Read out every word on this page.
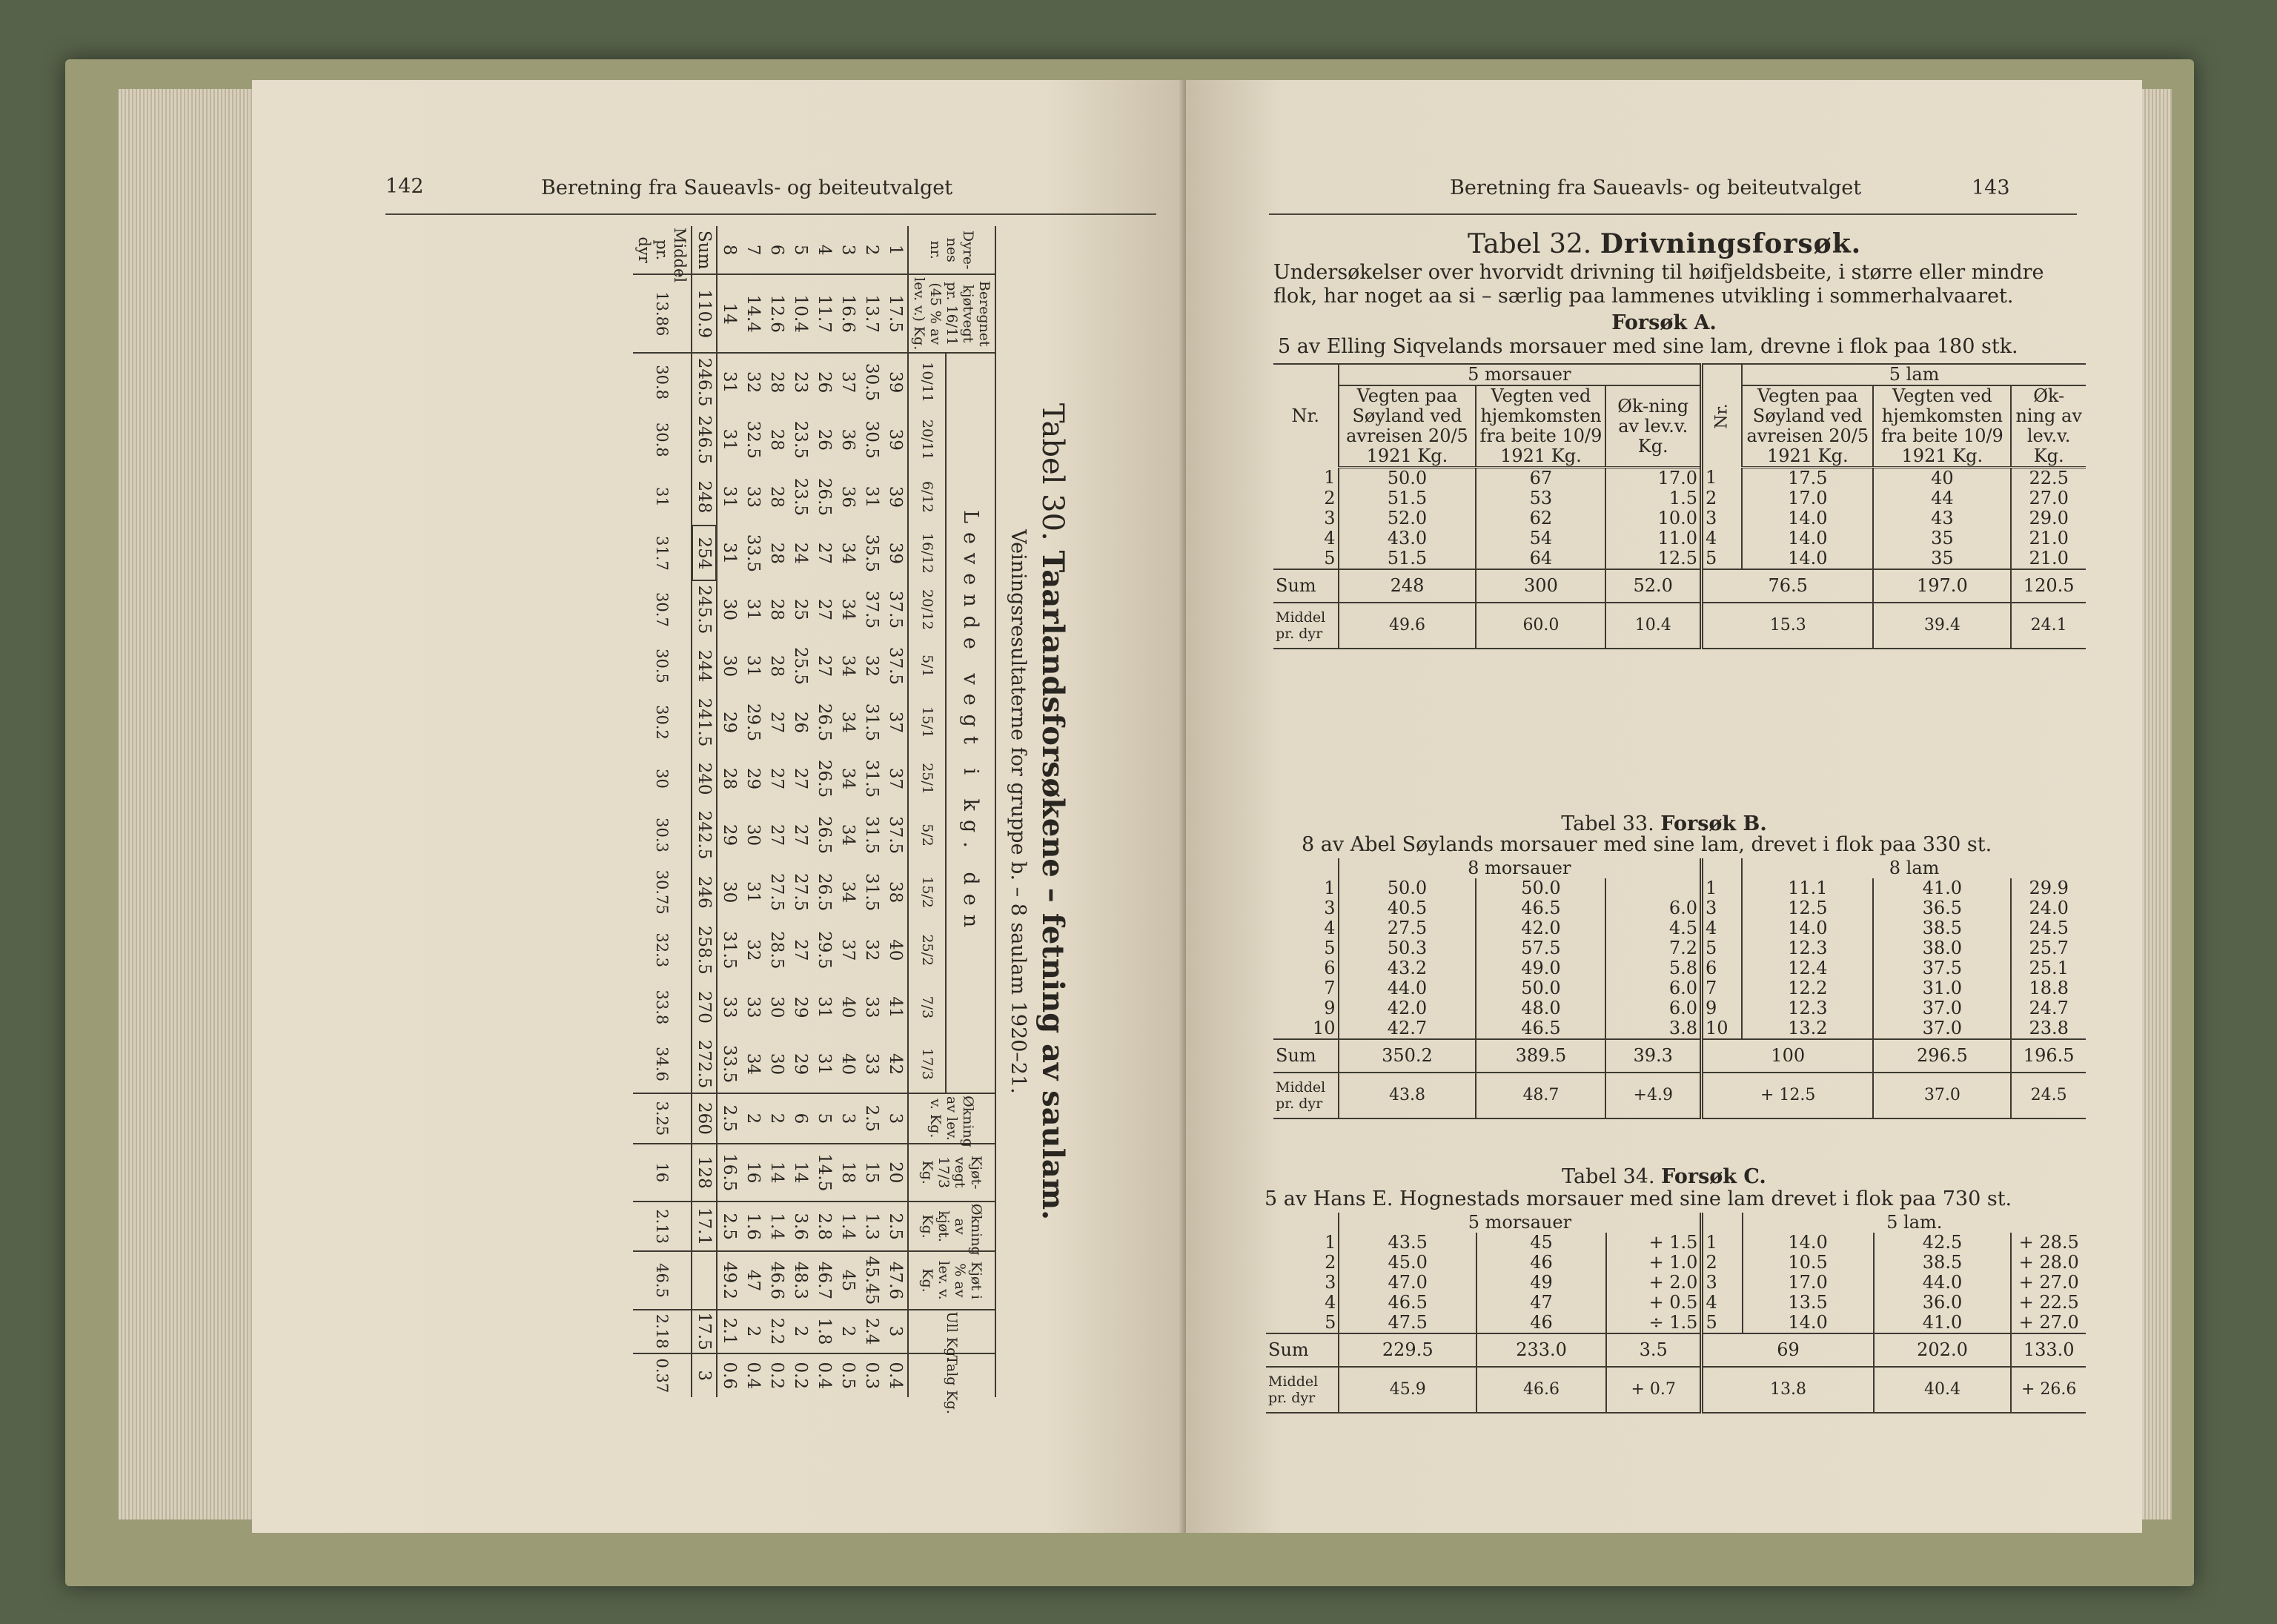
142	Beretning fra Saueavls- og beiteutvalget
Tabel 30. Taarlandsforsøkene – fetning av saulam.
Veiningsresultaterne for gruppe b. – 8 saulam 1920–21.
Dyre-nes nr.	Beregnet kjøtvegt pr. 16/11 (45 % av lev. v.) Kg.	Levende vegt i kg. den													Økning av lev. v. Kg.	Kjøt-vegt 17/3 Kg.	Økning av kjøt. Kg.	Kjøt i % av lev. v. Kg.	Ull Kg.	Talg Kg.
		10/11	20/11	6/12	16/12	20/12	5/1	15/1	25/1	5/2	15/2	25/2	7/3	17/3						
1	17.5	39	39	39	39	37.5	37.5	37	37	37.5	38	40	41	42	3	20	2.5	47.6	3	0.4
2	13.7	30.5	30.5	31	35.5	37.5	32	31.5	31.5	31.5	31.5	32	33	33	2.5	15	1.3	45.45	2.4	0.3
3	16.6	37	36	36	34	34	34	34	34	34	34	37	40	40	3	18	1.4	45	2	0.5
4	11.7	26	26	26.5	27	27	27	26.5	26.5	26.5	26.5	29.5	31	31	5	14.5	2.8	46.7	1.8	0.4
5	10.4	23	23.5	23.5	24	25	25.5	26	27	27	27.5	27	29	29	6	14	3.6	48.3	2	0.2
6	12.6	28	28	28	28	28	28	27	27	27	27.5	28.5	30	30	2	14	1.4	46.6	2.2	0.2
7	14.4	32	32.5	33	33.5	31	31	29.5	29	30	31	32	33	34	2	16	1.6	47	2	0.4
8	14	31	31	31	31	30	30	29	28	29	30	31.5	33	33.5	2.5	16.5	2.5	49.2	2.1	0.6
Sum	110.9	246.5	246.5	248	254	245.5	244	241.5	240	242.5	246	258.5	270	272.5	260	128	17.1		17.5	3
Middel pr. dyr	13.86	30.8	30.8	31	31.7	30.7	30.5	30.2	30	30.3	30.75	32.3	33.8	34.6	3.25	16	2.13	46.5	2.18	0.37
Beretning fra Saueavls- og beiteutvalget	143
Tabel 32. Drivningsforsøk.
Undersøkelser over hvorvidt drivning til høifjeldsbeite, i større eller mindre
flok, har noget aa si – særlig paa lammenes utvikling i sommerhalvaaret.
Forsøk A.
5 av Elling Siqvelands morsauer med sine lam, drevne i flok paa 180 stk.
Nr.	5 morsauer			Nr.	5 lam		
	Vegten paa Søyland ved avreisen 20/5 1921 Kg.	Vegten ved hjemkomsten fra beite 10/9 1921 Kg.	Øk-ning av lev.v. Kg.		Vegten paa Søyland ved avreisen 20/5 1921 Kg.	Vegten ved hjemkomsten fra beite 10/9 1921 Kg.	Øk-ning av lev.v. Kg.
1	50.0	67	17.0	1	17.5	40	22.5
2	51.5	53	1.5	2	17.0	44	27.0
3	52.0	62	10.0	3	14.0	43	29.0
4	43.0	54	11.0	4	14.0	35	21.0
5	51.5	64	12.5	5	14.0	35	21.0
Sum	248	300	52.0	76.5		197.0	120.5
Middel pr. dyr	49.6	60.0	10.4	15.3		39.4	24.1
Tabel 33. Forsøk B.
8 av Abel Søylands morsauer med sine lam, drevet i flok paa 330 st.
	8 morsauer				8 lam		
1	50.0	50.0		1	11.1	41.0	29.9
3	40.5	46.5	6.0	3	12.5	36.5	24.0
4	27.5	42.0	4.5	4	14.0	38.5	24.5
5	50.3	57.5	7.2	5	12.3	38.0	25.7
6	43.2	49.0	5.8	6	12.4	37.5	25.1
7	44.0	50.0	6.0	7	12.2	31.0	18.8
9	42.0	48.0	6.0	9	12.3	37.0	24.7
10	42.7	46.5	3.8	10	13.2	37.0	23.8
Sum	350.2	389.5	39.3	100		296.5	196.5
Middel pr. dyr	43.8	48.7	+4.9	+ 12.5		37.0	24.5
Tabel 34. Forsøk C.
5 av Hans E. Hognestads morsauer med sine lam drevet i flok paa 730 st.
	5 morsauer				5 lam.		
1	43.5	45	+ 1.5	1	14.0	42.5	+ 28.5
2	45.0	46	+ 1.0	2	10.5	38.5	+ 28.0
3	47.0	49	+ 2.0	3	17.0	44.0	+ 27.0
4	46.5	47	+ 0.5	4	13.5	36.0	+ 22.5
5	47.5	46	÷ 1.5	5	14.0	41.0	+ 27.0
Sum	229.5	233.0	3.5	69		202.0	133.0
Middel pr. dyr	45.9	46.6	+ 0.7	13.8		40.4	+ 26.6
